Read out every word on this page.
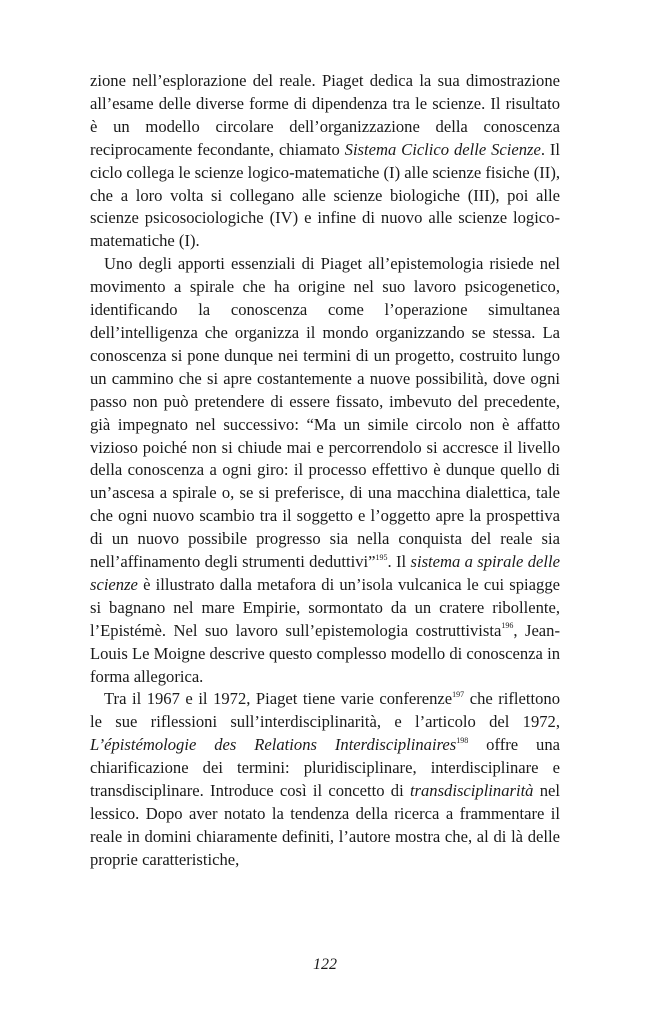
zione nell’esplorazione del reale. Piaget dedica la sua dimostrazione all’esame delle diverse forme di dipendenza tra le scienze. Il risultato è un modello circolare dell’organizzazione della conoscenza reciprocamente fecondante, chiamato Sistema Ciclico delle Scienze. Il ciclo collega le scienze logico-matematiche (I) alle scienze fisiche (II), che a loro volta si collegano alle scienze biologiche (III), poi alle scienze psicosociologiche (IV) e infine di nuovo alle scienze logico-matematiche (I).

Uno degli apporti essenziali di Piaget all’epistemologia risiede nel movimento a spirale che ha origine nel suo lavoro psicogenetico, identificando la conoscenza come l’operazione simultanea dell’intelligenza che organizza il mondo organizzando se stessa. La conoscenza si pone dunque nei termini di un progetto, costruito lungo un cammino che si apre costantemente a nuove possibilità, dove ogni passo non può pretendere di essere fissato, imbevuto del precedente, già impegnato nel successivo: “Ma un simile circolo non è affatto vizioso poiché non si chiude mai e percorrendolo si accresce il livello della conoscenza a ogni giro: il processo effettivo è dunque quello di un’ascesa a spirale o, se si preferisce, di una macchina dialettica, tale che ogni nuovo scambio tra il soggetto e l’oggetto apre la prospettiva di un nuovo possibile progresso sia nella conquista del reale sia nell’affinamento degli strumenti deduttivi”$^{195}$. Il sistema a spirale delle scienze è illustrato dalla metafora di un’isola vulcanica le cui spiagge si bagnano nel mare Empirie, sormontato da un cratere ribollente, l’Epistémè. Nel suo lavoro sull’epistemologia costruttivista$^{196}$, Jean-Louis Le Moigne descrive questo complesso modello di conoscenza in forma allegorica.

Tra il 1967 e il 1972, Piaget tiene varie conferenze$^{197}$ che riflettono le sue riflessioni sull’interdisciplinarità, e l’articolo del 1972, L’épistémologie des Relations Interdisciplinaires$^{198}$ offre una chiarificazione dei termini: pluridisciplinare, interdisciplinare e transdisciplinare. Introduce così il concetto di transdisciplinarità nel lessico. Dopo aver notato la tendenza della ricerca a frammentare il reale in domini chiaramente definiti, l’autore mostra che, al di là delle proprie caratteristiche,

122
